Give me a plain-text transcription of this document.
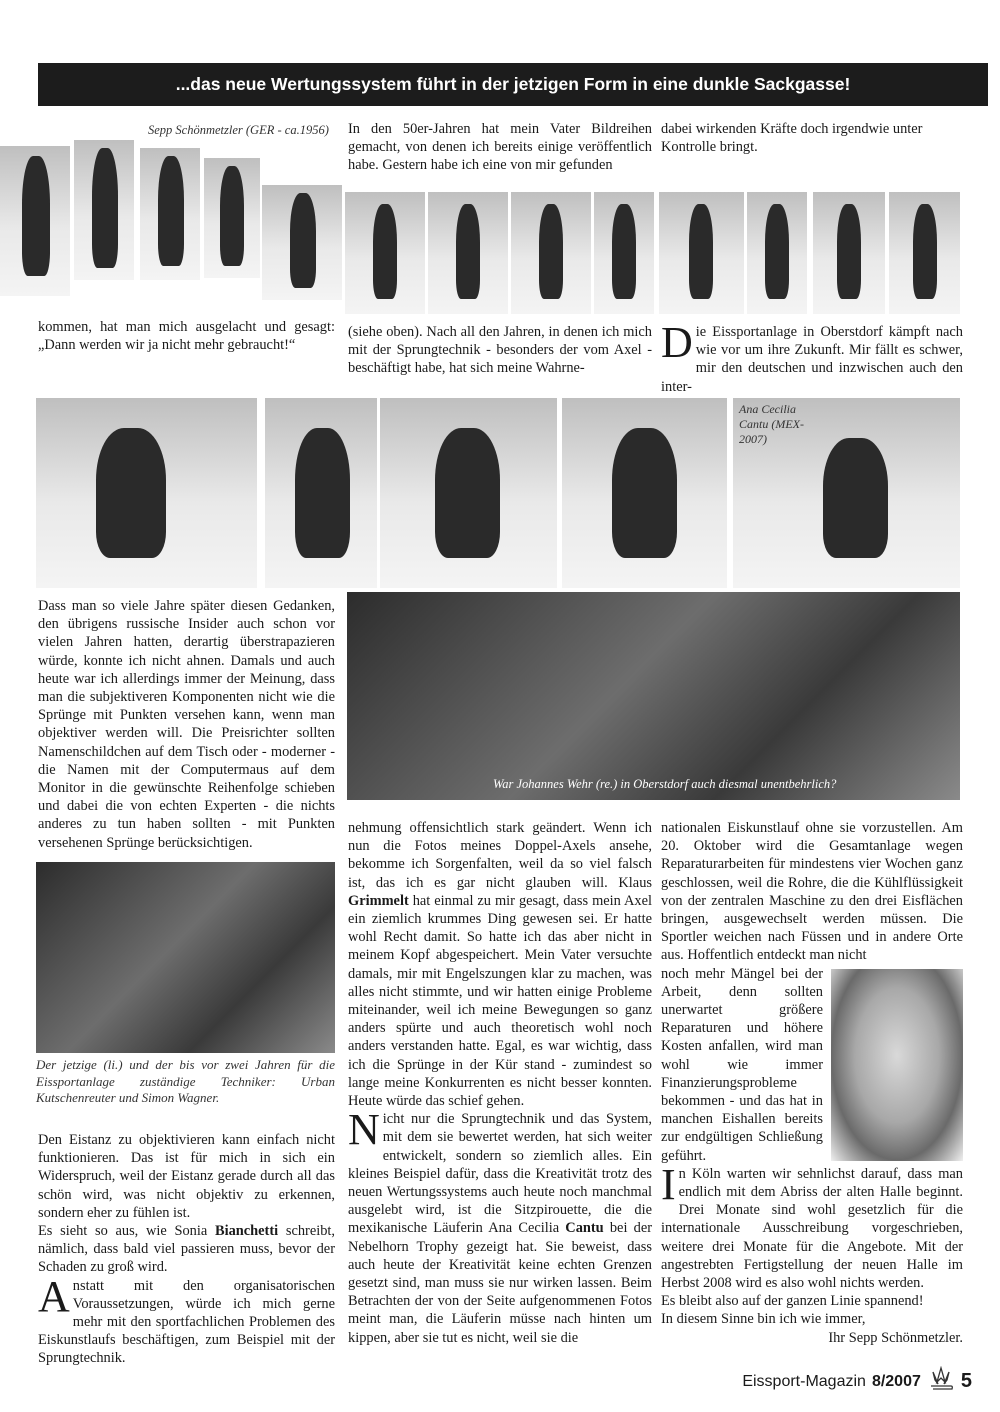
...das neue Wertungssystem führt in der jetzigen Form in eine dunkle Sackgasse!
Sepp Schönmetzler (GER - ca.1956) In den 50er-Jahren hat mein Vater Bildreihen gemacht, von denen ich bereits einige veröffentlich habe. Gestern habe ich eine von mir gefunden

dabei wirkenden Kräfte doch irgendwie unter Kontrolle bringt.

kommen, hat man mich ausgelacht und gesagt: „Dann werden wir ja nicht mehr gebraucht!“

(siehe oben). Nach all den Jahren, in denen ich mich mit der Sprungtechnik - besonders der vom Axel - beschäftigt habe, hat sich meine Wahrne-

Die Eissportanlage in Oberstdorf kämpft nach wie vor um ihre Zukunft. Mir fällt es schwer, mir den deutschen und inzwischen auch den inter-

Ana Cecilia Cantu (MEX-2007)

Dass man so viele Jahre später diesen Gedanken, den übrigens russische Insider auch schon vor vielen Jahren hatten, derartig überstrapazieren würde, konnte ich nicht ahnen. Damals und auch heute war ich allerdings immer der Meinung, dass man die subjektiveren Komponenten nicht wie die Sprünge mit Punkten versehen kann, wenn man objektiver werden will. Die Preisrichter sollten Namenschildchen auf dem Tisch oder - moderner - die Namen mit der Computermaus auf dem Monitor in die gewünschte Reihenfolge schieben und dabei die von echten Experten - die nichts anderes zu tun haben sollten - mit Punkten versehenen Sprünge berücksichtigen.

War Johannes Wehr (re.) in Oberstdorf auch diesmal unentbehrlich?
Der jetzige (li.) und der bis vor zwei Jahren für die Eissportanlage zuständige Techniker: Urban Kutschenreuter und Simon Wagner.

Den Eistanz zu objektivieren kann einfach nicht funktionieren. Das ist für mich in sich ein Widerspruch, weil der Eistanz gerade durch all das schön wird, was nicht objektiv zu erkennen, sondern eher zu fühlen ist.

Es sieht so aus, wie Sonia Bianchetti schreibt, nämlich, dass bald viel passieren muss, bevor der Schaden zu groß wird.

Anstatt mit den organisatorischen Voraussetzungen, würde ich mich gerne mehr mit den sportfachlichen Problemen des Eiskunstlaufs beschäftigen, zum Beispiel mit der Sprungtechnik.

nehmung offensichtlich stark geändert. Wenn ich nun die Fotos meines Doppel-Axels ansehe, bekomme ich Sorgenfalten, weil da so viel falsch ist, das ich es gar nicht glauben will. Klaus Grimmelt hat einmal zu mir gesagt, dass mein Axel ein ziemlich krummes Ding gewesen sei. Er hatte wohl Recht damit. So hatte ich das aber nicht in meinem Kopf abgespeichert. Mein Vater versuchte damals, mir mit Engelszungen klar zu machen, was alles nicht stimmte, und wir hatten einige Probleme miteinander, weil ich meine Bewegungen so ganz anders spürte und auch theoretisch wohl noch anders verstanden hatte. Egal, es war wichtig, dass ich die Sprünge in der Kür stand - zumindest so lange meine Konkurrenten es nicht besser konnten. Heute würde das schief gehen.

Nicht nur die Sprungtechnik und das System, mit dem sie bewertet werden, hat sich weiter entwickelt, sondern so ziemlich alles. Ein kleines Beispiel dafür, dass die Kreativität trotz des neuen Wertungssystems auch heute noch manchmal ausgelebt wird, ist die Sitzpirouette, die die mexikanische Läuferin Ana Cecilia Cantu bei der Nebelhorn Trophy gezeigt hat. Sie beweist, dass auch heute der Kreativität keine echten Grenzen gesetzt sind, man muss sie nur wirken lassen. Beim Betrachten der von der Seite aufgenommenen Fotos meint man, die Läuferin müsse nach hinten um kippen, aber sie tut es nicht, weil sie die

nationalen Eiskunstlauf ohne sie vorzustellen. Am 20. Oktober wird die Gesamtanlage wegen Reparaturarbeiten für mindestens vier Wochen ganz geschlossen, weil die Rohre, die die Kühlflüssigkeit von der zentralen Maschine zu den drei Eisflächen bringen, ausgewechselt werden müssen. Die Sportler weichen nach Füssen und in andere Orte aus. Hoffentlich entdeckt man nicht

noch mehr Mängel bei der Arbeit, denn sollten unerwartet größere Reparaturen und höhere Kosten anfallen, wird man wohl wie immer Finanzierungsprobleme bekommen - und das hat in manchen Eishallen bereits zur endgültigen Schließung geführt.

In Köln warten wir sehnlichst darauf, dass man endlich mit dem Abriss der alten Halle beginnt. Drei Monate sind wohl gesetzlich für die internationale Ausschreibung vorgeschrieben, weitere drei Monate für die Angebote. Mit der angestrebten Fertigstellung der neuen Halle im Herbst 2008 wird es also wohl nichts werden.

Es bleibt also auf der ganzen Linie spannend!

In diesem Sinne bin ich wie immer,

Ihr Sepp Schönmetzler.

Eissport-Magazin 8/2007 5
